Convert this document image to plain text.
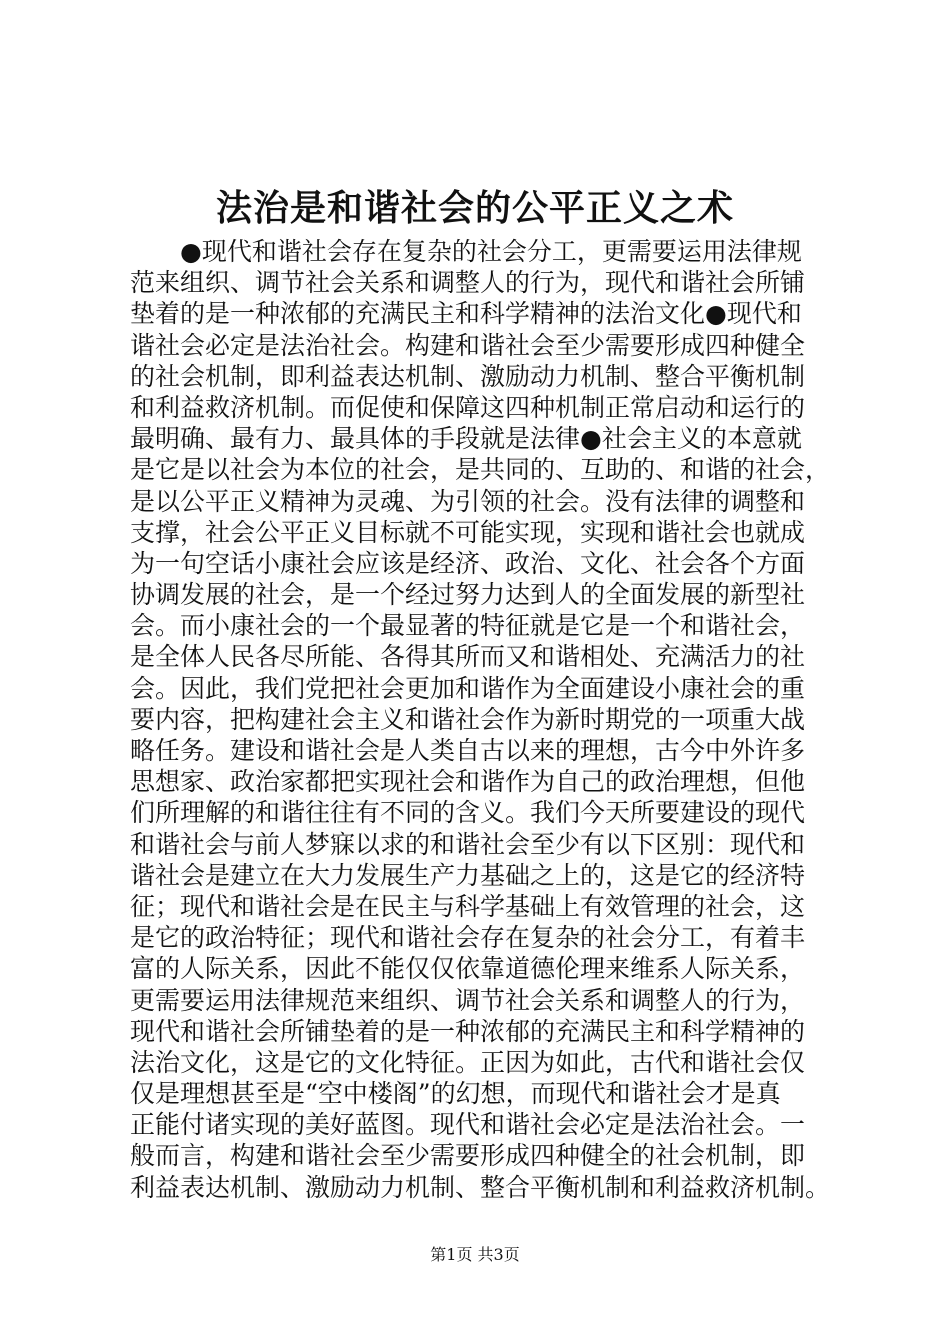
法治是和谐社会的公平正义之术
　　●现代和谐社会存在复杂的社会分工，更需要运用法律规
范来组织、调节社会关系和调整人的行为，现代和谐社会所铺
垫着的是一种浓郁的充满民主和科学精神的法治文化●现代和
谐社会必定是法治社会。构建和谐社会至少需要形成四种健全
的社会机制，即利益表达机制、激励动力机制、整合平衡机制
和利益救济机制。而促使和保障这四种机制正常启动和运行的
最明确、最有力、最具体的手段就是法律●社会主义的本意就
是它是以社会为本位的社会，是共同的、互助的、和谐的社会，
是以公平正义精神为灵魂、为引领的社会。没有法律的调整和
支撑，社会公平正义目标就不可能实现，实现和谐社会也就成
为一句空话小康社会应该是经济、政治、文化、社会各个方面
协调发展的社会，是一个经过努力达到人的全面发展的新型社
会。而小康社会的一个最显著的特征就是它是一个和谐社会，
是全体人民各尽所能、各得其所而又和谐相处、充满活力的社
会。因此，我们党把社会更加和谐作为全面建设小康社会的重
要内容，把构建社会主义和谐社会作为新时期党的一项重大战
略任务。建设和谐社会是人类自古以来的理想，古今中外许多
思想家、政治家都把实现社会和谐作为自己的政治理想，但他
们所理解的和谐往往有不同的含义。我们今天所要建设的现代
和谐社会与前人梦寐以求的和谐社会至少有以下区别：现代和
谐社会是建立在大力发展生产力基础之上的，这是它的经济特
征；现代和谐社会是在民主与科学基础上有效管理的社会，这
是它的政治特征；现代和谐社会存在复杂的社会分工，有着丰
富的人际关系，因此不能仅仅依靠道德伦理来维系人际关系，
更需要运用法律规范来组织、调节社会关系和调整人的行为，
现代和谐社会所铺垫着的是一种浓郁的充满民主和科学精神的
法治文化，这是它的文化特征。正因为如此，古代和谐社会仅
仅是理想甚至是“空中楼阁”的幻想，而现代和谐社会才是真
正能付诸实现的美好蓝图。现代和谐社会必定是法治社会。一
般而言，构建和谐社会至少需要形成四种健全的社会机制，即
利益表达机制、激励动力机制、整合平衡机制和利益救济机制。
第1页 共3页
